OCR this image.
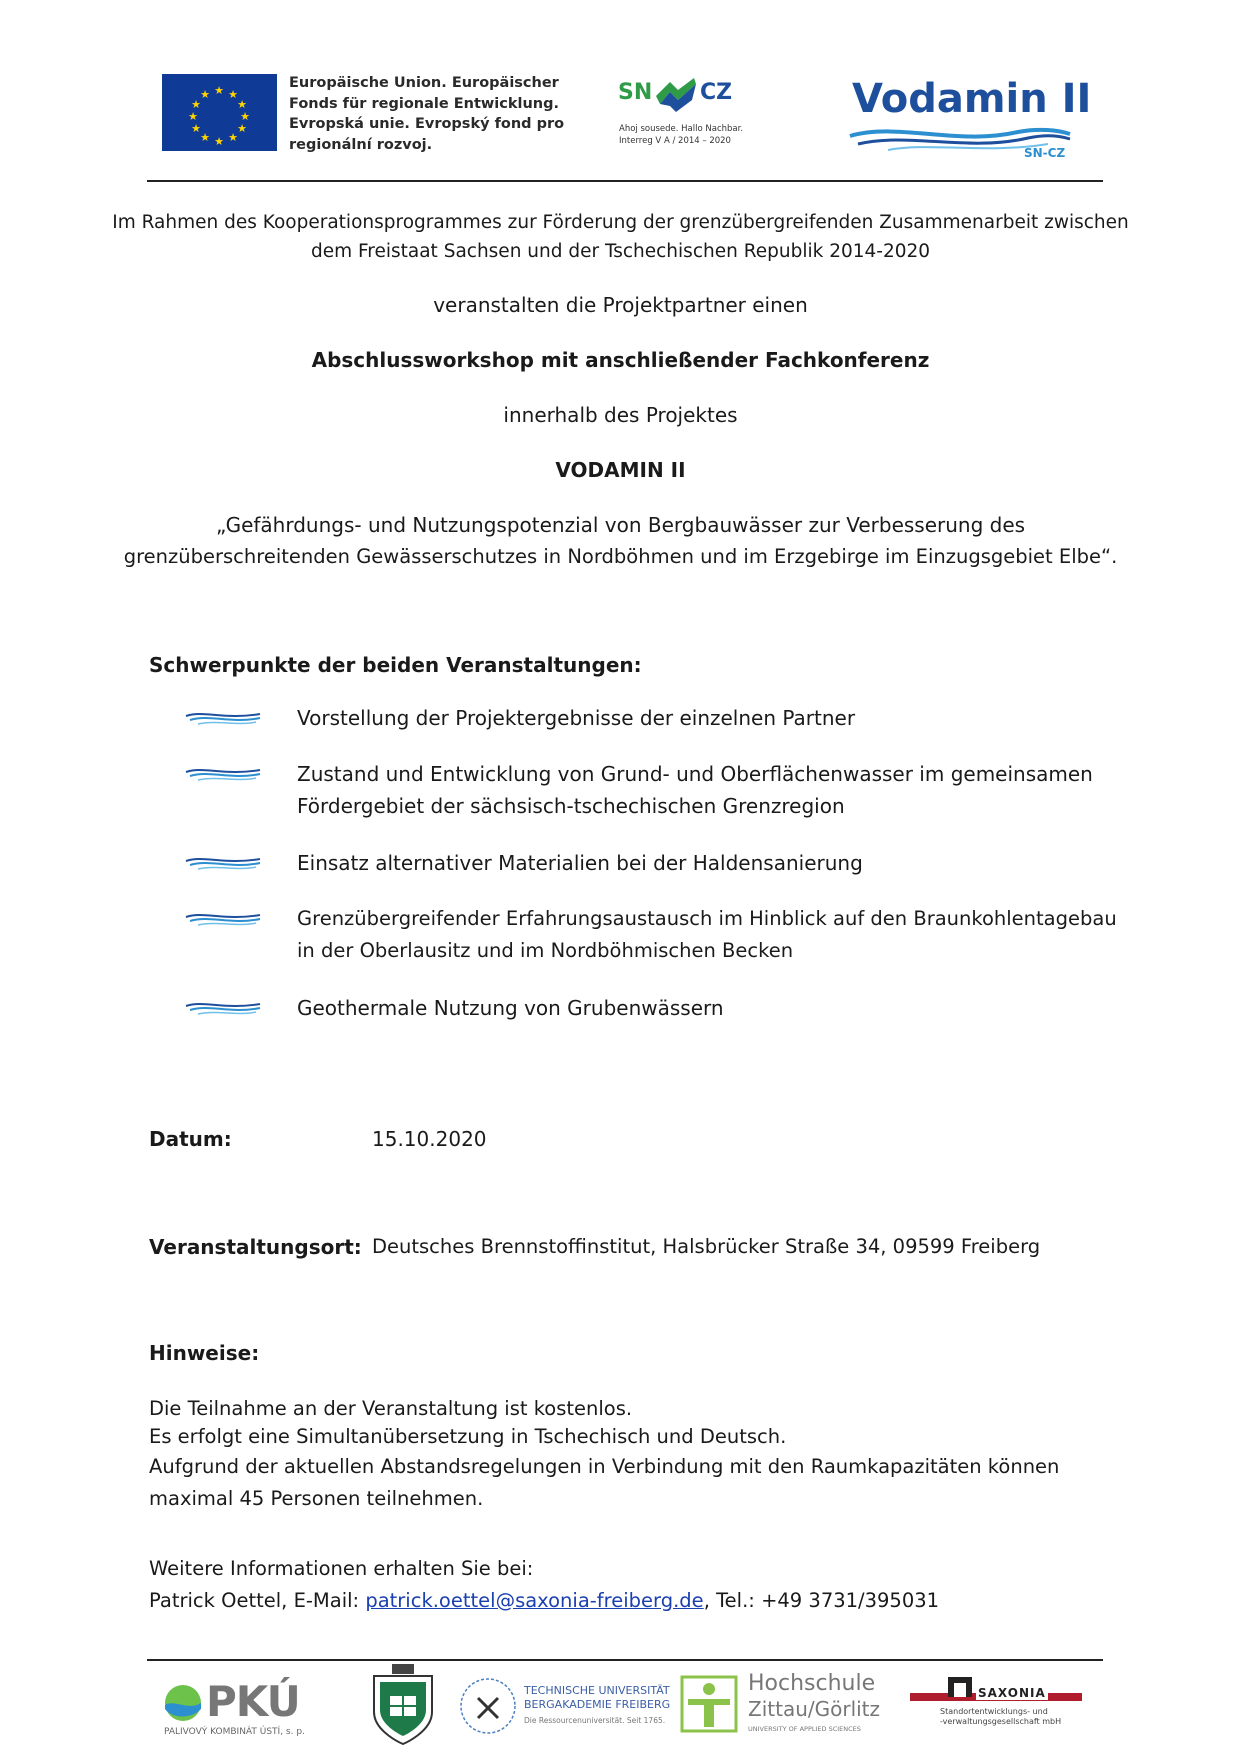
★ ★
★
★
★
★
★
★
★
★
★
★
Europäische Union. Europäischer
Fonds für regionale Entwicklung.
Evropská unie. Evropský fond pro
regionální rozvoj.
SN CZ
Ahoj sousede. Hallo Nachbar.
Interreg V A / 2014 – 2020
Vodamin II
SN-CZ
Im Rahmen des Kooperationsprogrammes zur Förderung der grenzübergreifenden Zusammenarbeit zwischen
dem Freistaat Sachsen und der Tschechischen Republik 2014-2020
veranstalten die Projektpartner einen
Abschlussworkshop mit anschließender Fachkonferenz
innerhalb des Projektes
VODAMIN II
„Gefährdungs- und Nutzungspotenzial von Bergbauwässer zur Verbesserung des
grenzüberschreitenden Gewässerschutzes in Nordböhmen und im Erzgebirge im Einzugsgebiet Elbe“.
Schwerpunkte der beiden Veranstaltungen:
Vorstellung der Projektergebnisse der einzelnen Partner
Zustand und Entwicklung von Grund- und Oberflächenwasser im gemeinsamen
Fördergebiet der sächsisch-tschechischen Grenzregion
Einsatz alternativer Materialien bei der Haldensanierung
Grenzübergreifender Erfahrungsaustausch im Hinblick auf den Braunkohlentagebau
in der Oberlausitz und im Nordböhmischen Becken
Geothermale Nutzung von Grubenwässern
Datum:	15.10.2020
Veranstaltungsort: Deutsches Brennstoffinstitut, Halsbrücker Straße 34, 09599 Freiberg
Hinweise:
Die Teilnahme an der Veranstaltung ist kostenlos.
Es erfolgt eine Simultanübersetzung in Tschechisch und Deutsch.
Aufgrund der aktuellen Abstandsregelungen in Verbindung mit den Raumkapazitäten können
maximal 45 Personen teilnehmen.
Weitere Informationen erhalten Sie bei:
Patrick Oettel, E-Mail: patrick.oettel@saxonia-freiberg.de, Tel.: +49 3731/395031
PKÚ
PALIVOVÝ KOMBINÁT ÚSTÍ, s. p.
TECHNISCHE UNIVERSITÄT
BERGAKADEMIE FREIBERG
Die Ressourcenuniversität. Seit 1765.
Hochschule
Zittau/Görlitz
UNIVERSITY OF APPLIED SCIENCES
SAXONIA
Standortentwicklungs- und
-verwaltungsgesellschaft mbH
